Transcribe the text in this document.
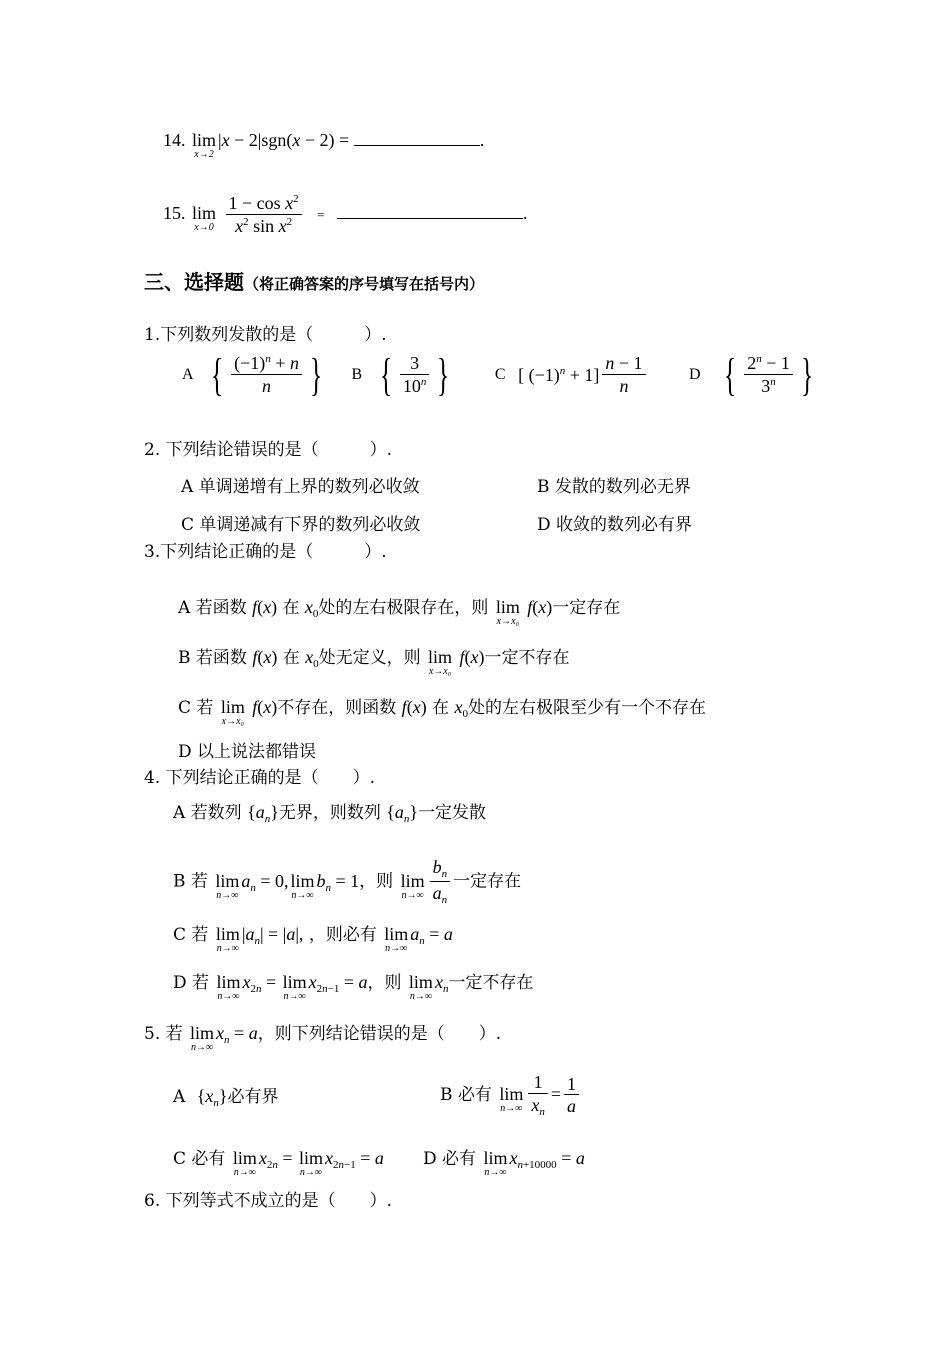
14. lim
x→2
|x − 2|sgn(x − 2) =	.
15. lim
x→0
$\frac{1 - \cos x^2}{x^2 \sin x^2}$ =	.
三、选择题（将正确答案的序号填写在括号内）
1.下列数列发散的是（　　　）.
A { $\frac{(-1)^n + n}{n}$ } B { $\frac{3}{10^n}$ }	C [ $(-1)^n + 1] \frac{n - 1}{n}$	D { $\frac{2^n - 1}{3^n}$ }
2. 下列结论错误的是（　　　）.
A 单调递增有上界的数列必收敛	B 发散的数列必无界
C 单调递减有下界的数列必收敛	D 收敛的数列必有界
3.下列结论正确的是（　　　）.
A 若函数 f(x) 在 $x_0$处的左右极限存在，则 lim
x→x₀
f(x)一定存在
B 若函数 f(x) 在 $x_0$处无定义，则 lim
x→x₀
f(x)一定不存在
C 若 lim
x→x₀
f(x)不存在，则函数 f(x) 在 $x_0$处的左右极限至少有一个不存在
D 以上说法都错误
4. 下列结论正确的是（　　）.
A 若数列 $\{a_n\}$无界，则数列 $\{a_n\}$一定发散
B 若 lim
n→∞
$a_n = 0$, lim
n→∞
$b_n = 1$，则 lim
$n\to\infty \frac{b_n}{a_n}$ 一定存在
C 若 lim
n→∞
$|a_n| = |a|$, ，则必有 lim
n→∞
$a_n = a$
D 若 lim
n→∞
$x_{2n} = \lim$
n→∞
$x_{2n-1} = a$，则 lim
n→∞
$x_n$一定不存在
5. 若 lim
n→∞
$x_n = a$，则下列结论错误的是（　　）.
A $\{x_n\}$必有界	B 必有 lim
$n\to\infty \frac{1}{x_n} = \frac{1}{a}$
C 必有 lim
n→∞
$x_{2n} = \lim$
n→∞
$x_{2n-1} = a$ D 必有 lim
n→∞
$x_{n+10000} = a$
6. 下列等式不成立的是（　　）.
